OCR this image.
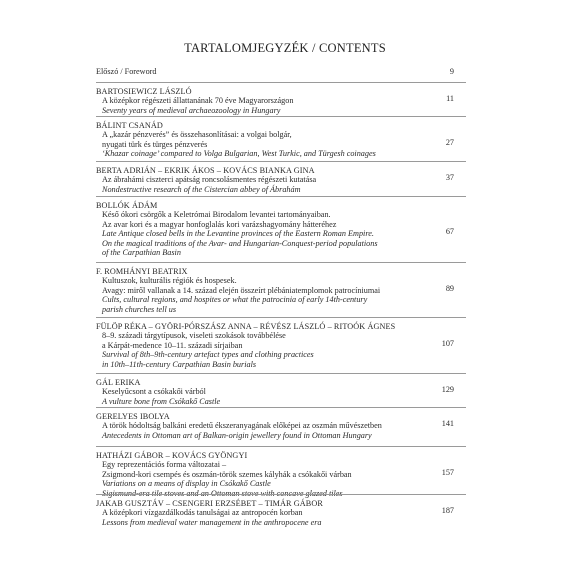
TARTALOMJEGYZÉK / CONTENTS
Előszó / Foreword	9
BARTOSIEWICZ LÁSZLÓ
A középkor régészeti állattanának 70 éve Magyarországon
Seventy years of medieval archaeozoology in Hungary
11
BÁLINT CSANÁD
A „kazár pénzverés” és összehasonlításai: a volgai bolgár,
nyugati türk és türges pénzverés
‘Khazar coinage’ compared to Volga Bulgarian, West Turkic, and Türgesh coinages
27
BERTA ADRIÁN – EKRIK ÁKOS – KOVÁCS BIANKA GINA
Az ábrahámi ciszterci apátság roncsolásmentes régészeti kutatása
Nondestructive research of the Cistercian abbey of Ábrahám
37
BOLLÓK ÁDÁM
Késő ókori csörgők a Keletrómai Birodalom levantei tartományaiban.
Az avar kori és a magyar honfoglalás kori varázshagyomány hátteréhez
Late Antique closed bells in the Levantine provinces of the Eastern Roman Empire.
On the magical traditions of the Avar- and Hungarian-Conquest-period populations
of the Carpathian Basin
67
F. ROMHÁNYI BEATRIX
Kultuszok, kulturális régiók és hospesek.
Avagy: miről vallanak a 14. század elején összeírt plébániatemplomok patrocíniumai
Cults, cultural regions, and hospites or what the patrocinia of early 14th-century
parish churches tell us
89
FÜLÖP RÉKA – GYÖRI-PÓRSZÁSZ ANNA – RÉVÉSZ LÁSZLÓ – RITOÓK ÁGNES
8–9. századi tárgytípusok, viseleti szokások továbbélése
a Kárpát-medence 10–11. századi sírjaiban
Survival of 8th–9th-century artefact types and clothing practices
in 10th–11th-century Carpathian Basin burials
107
GÁL ERIKA
Keselyűcsont a csókakői várból
A vulture bone from Csókakő Castle
129
GERELYES IBOLYA
A török hódoltság balkáni eredetű ékszeranyagának előképei az oszmán művészetben
Antecedents in Ottoman art of Balkan-origin jewellery found in Ottoman Hungary
141
HATHÁZI GÁBOR – KOVÁCS GYÖNGYI
Egy reprezentációs forma változatai –
Zsigmond-kori csempés és oszmán-török szemes kályhák a csókakői várban
Variations on a means of display in Csókakő Castle
Sigismund-era tile stoves and an Ottoman stove with concave glazed tiles
157
JAKAB GUSZTÁV – CSENGERI ERZSÉBET – TIMÁR GÁBOR
A középkori vízgazdálkodás tanulságai az antropocén korban
Lessons from medieval water management in the anthropocene era
187
